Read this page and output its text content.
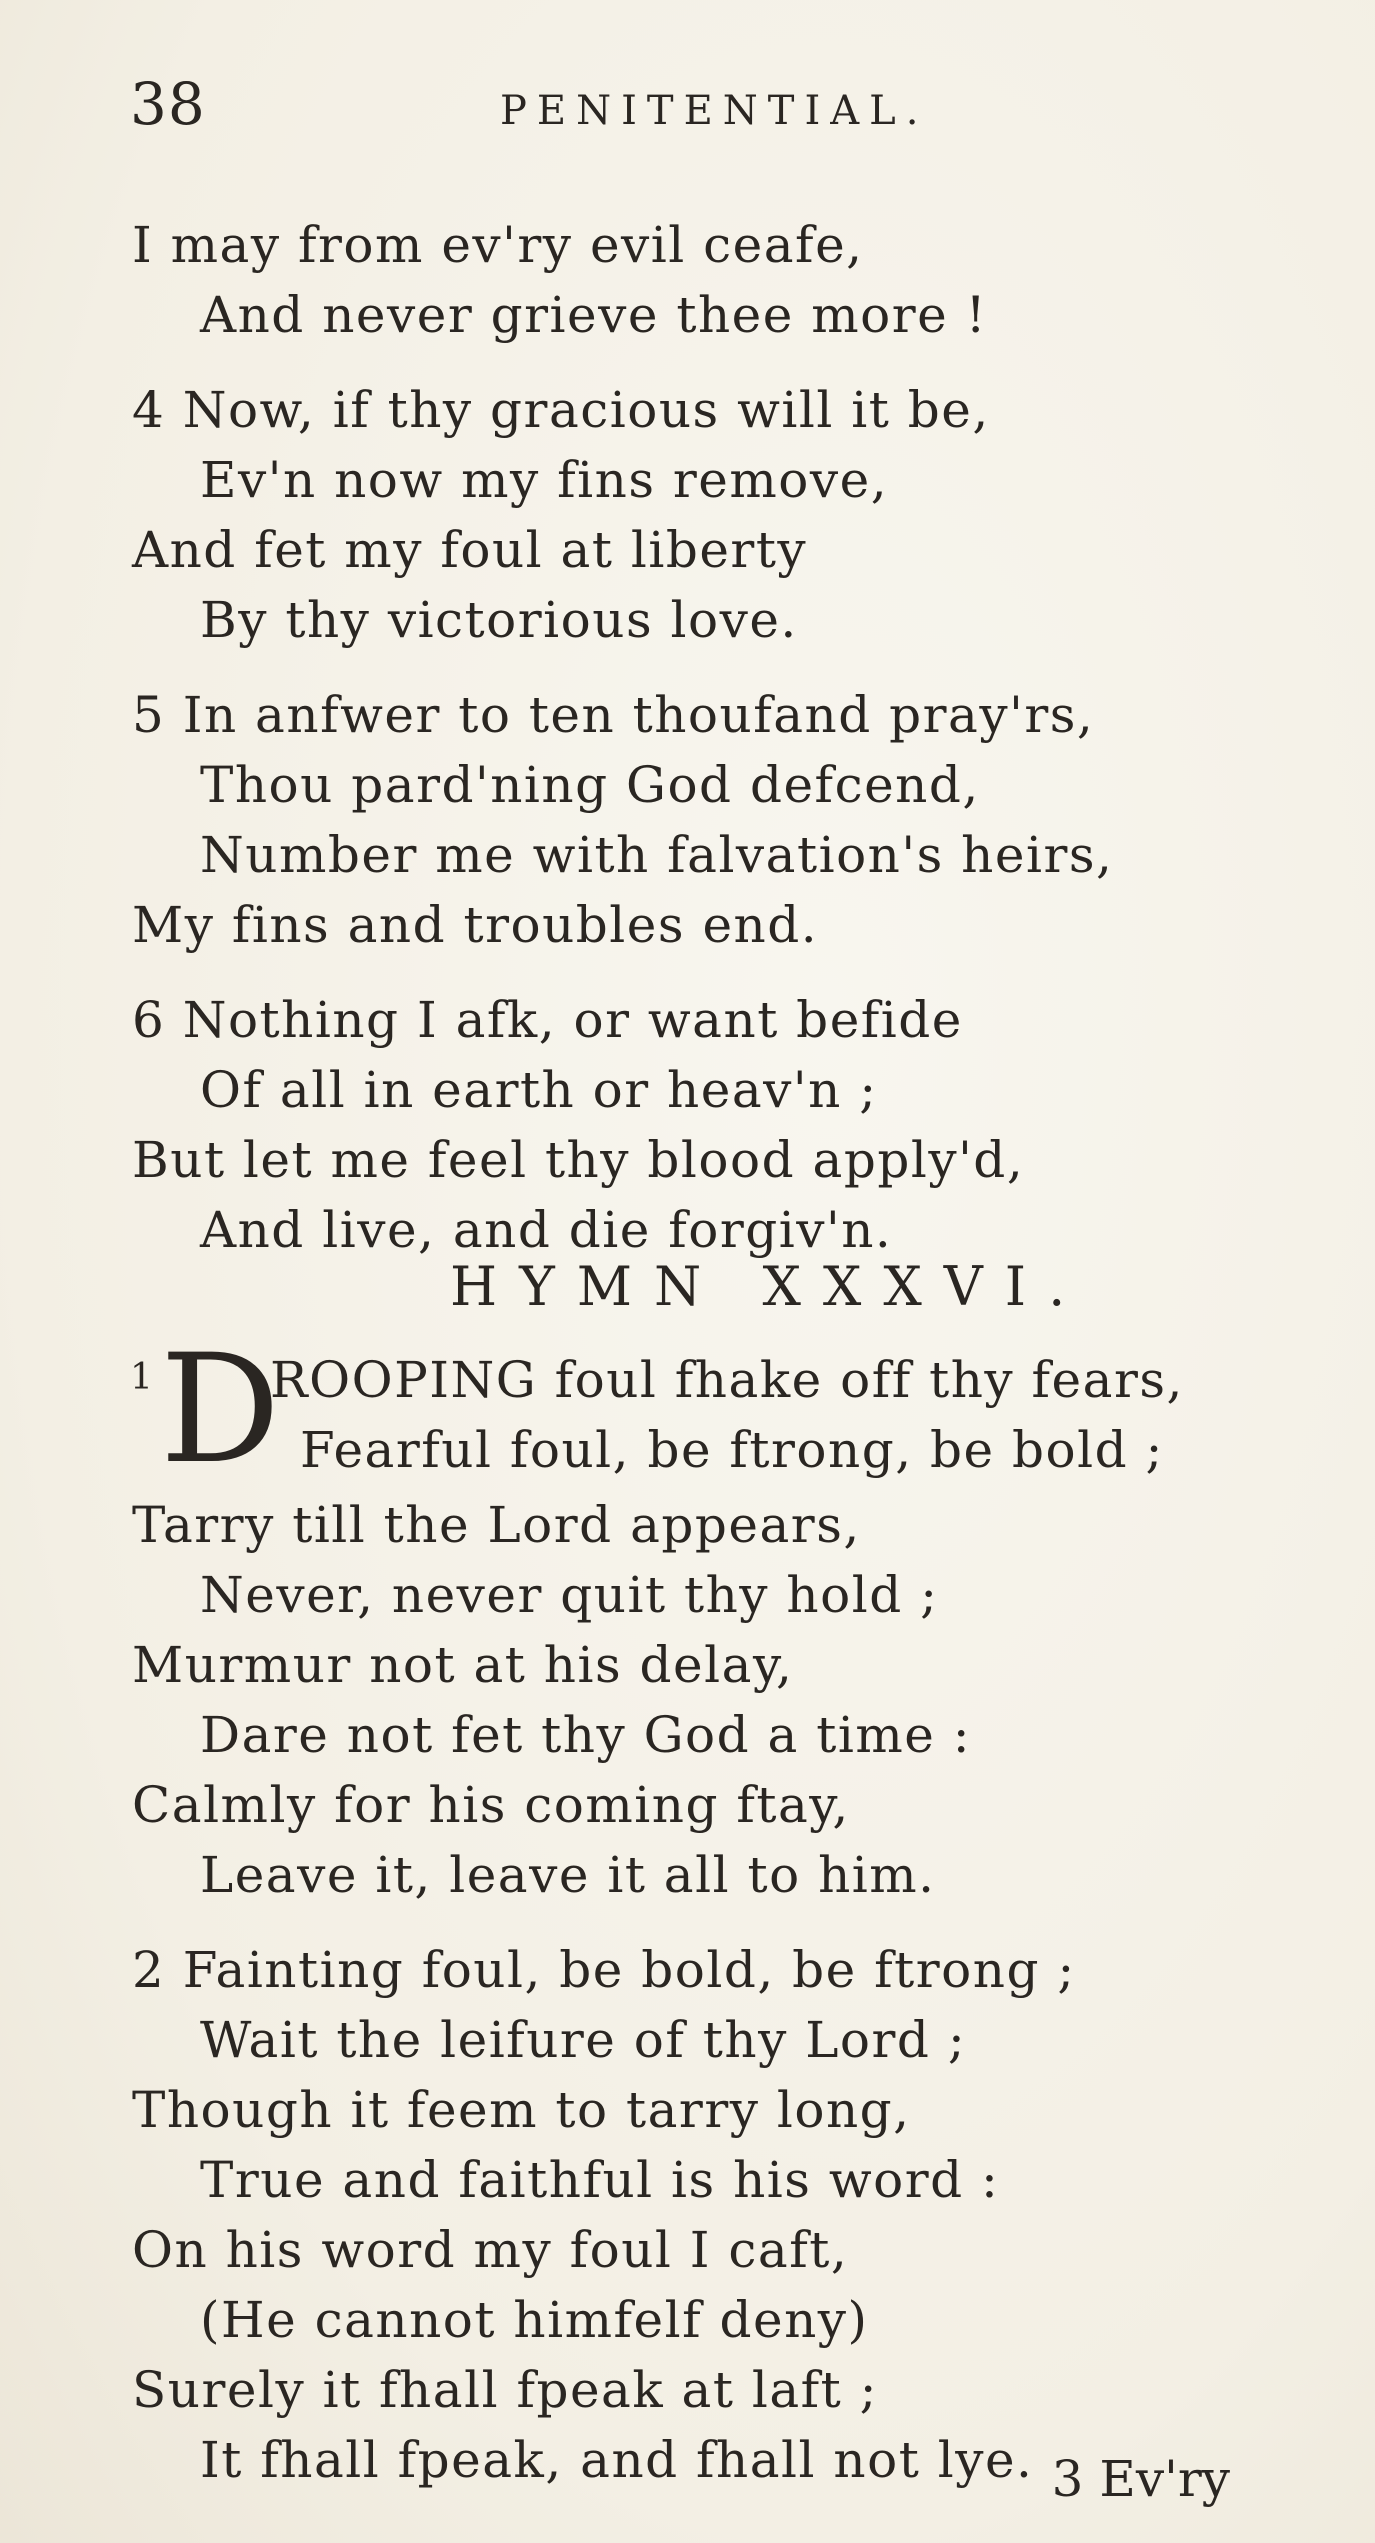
38	PENITENTIAL.
I may from ev'ry evil ceafe,
And never grieve thee more !
4 Now, if thy gracious will it be,
Ev'n now my fins remove,
And fet my foul at liberty
By thy victorious love.
5 In anfwer to ten thoufand pray'rs,
Thou pard'ning God defcend,
Number me with falvation's heirs,
My fins and troubles end.
6 Nothing I afk, or want befide
Of all in earth or heav'n ;
But let me feel thy blood apply'd,
And live, and die forgiv'n.
HYMN XXXVI.
1 D
ROOPING foul fhake off thy fears,
Fearful foul, be ftrong, be bold ;
Tarry till the Lord appears,
Never, never quit thy hold ;
Murmur not at his delay,
Dare not fet thy God a time :
Calmly for his coming ftay,
Leave it, leave it all to him.
2 Fainting foul, be bold, be ftrong ;
Wait the leifure of thy Lord ;
Though it feem to tarry long,
True and faithful is his word :
On his word my foul I caft,
(He cannot himfelf deny)
Surely it fhall fpeak at laft ;
It fhall fpeak, and fhall not lye. 3 Ev'ry
